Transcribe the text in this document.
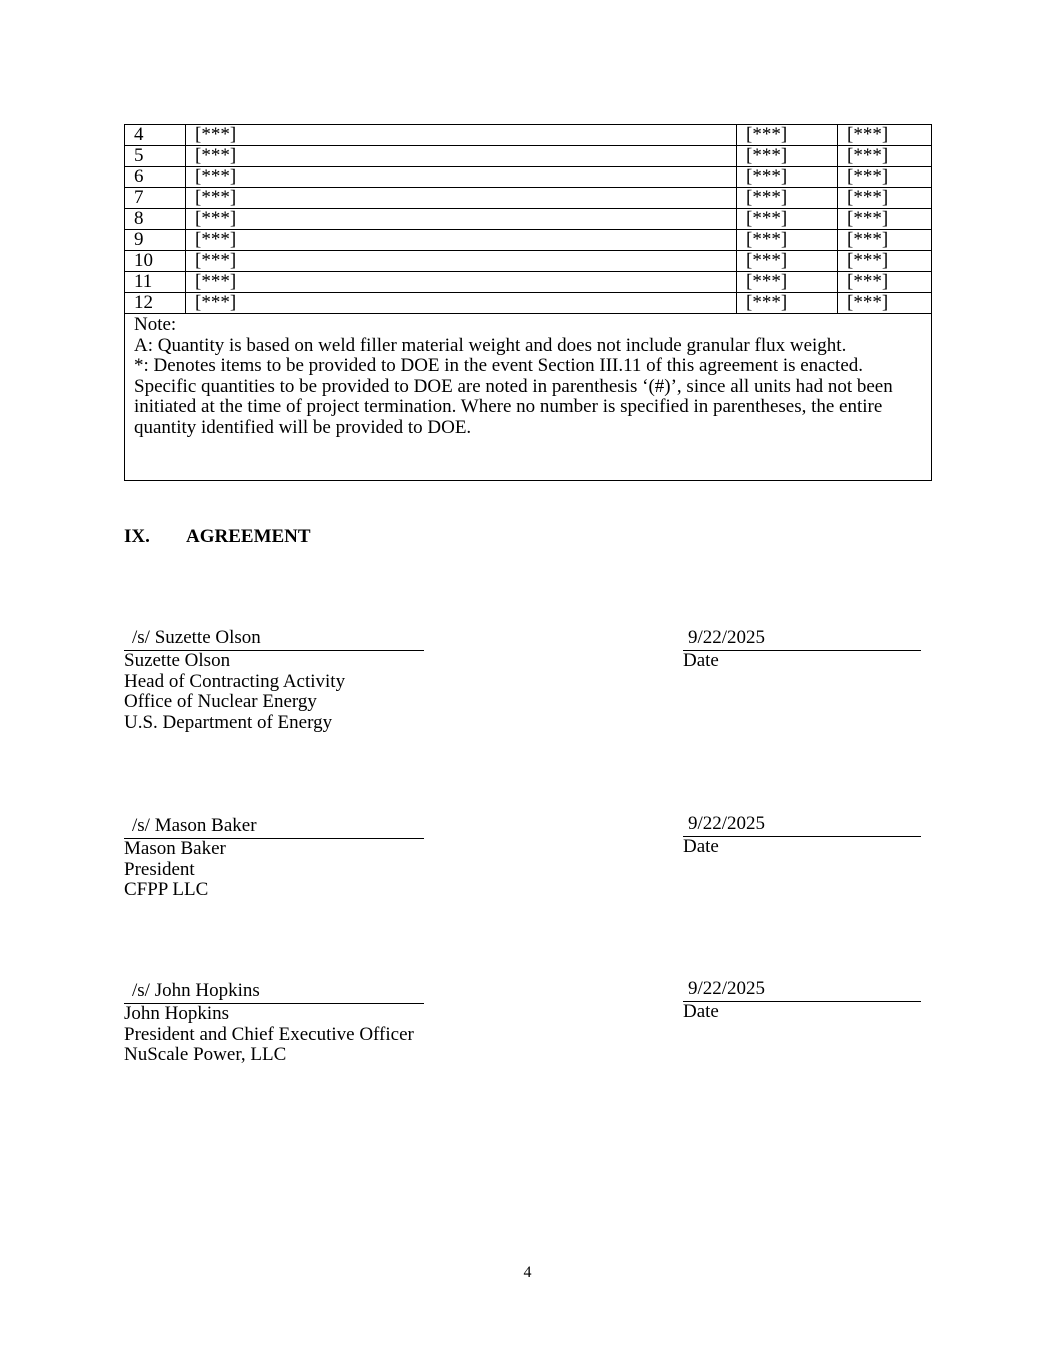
4	[***]	[***]	[***]
5	[***]	[***]	[***]
6	[***]	[***]	[***]
7	[***]	[***]	[***]
8	[***]	[***]	[***]
9	[***]	[***]	[***]
10	[***]	[***]	[***]
11	[***]	[***]	[***]
12	[***]	[***]	[***]

Note:
A: Quantity is based on weld filler material weight and does not include granular flux weight.
*: Denotes items to be provided to DOE in the event Section III.11 of this agreement is enacted. Specific quantities to be provided to DOE are noted in parenthesis ‘(#)’, since all units had not been initiated at the time of project termination. Where no number is specified in parentheses, the entire quantity identified will be provided to DOE.			
IX. AGREEMENT
/s/ Suzette Olson
Suzette Olson
Head of Contracting Activity
Office of Nuclear Energy
U.S. Department of Energy
9/22/2025
Date
/s/ Mason Baker
Mason Baker
President
CFPP LLC
9/22/2025
Date
/s/ John Hopkins
John Hopkins
President and Chief Executive Officer
NuScale Power, LLC
9/22/2025
Date
4
